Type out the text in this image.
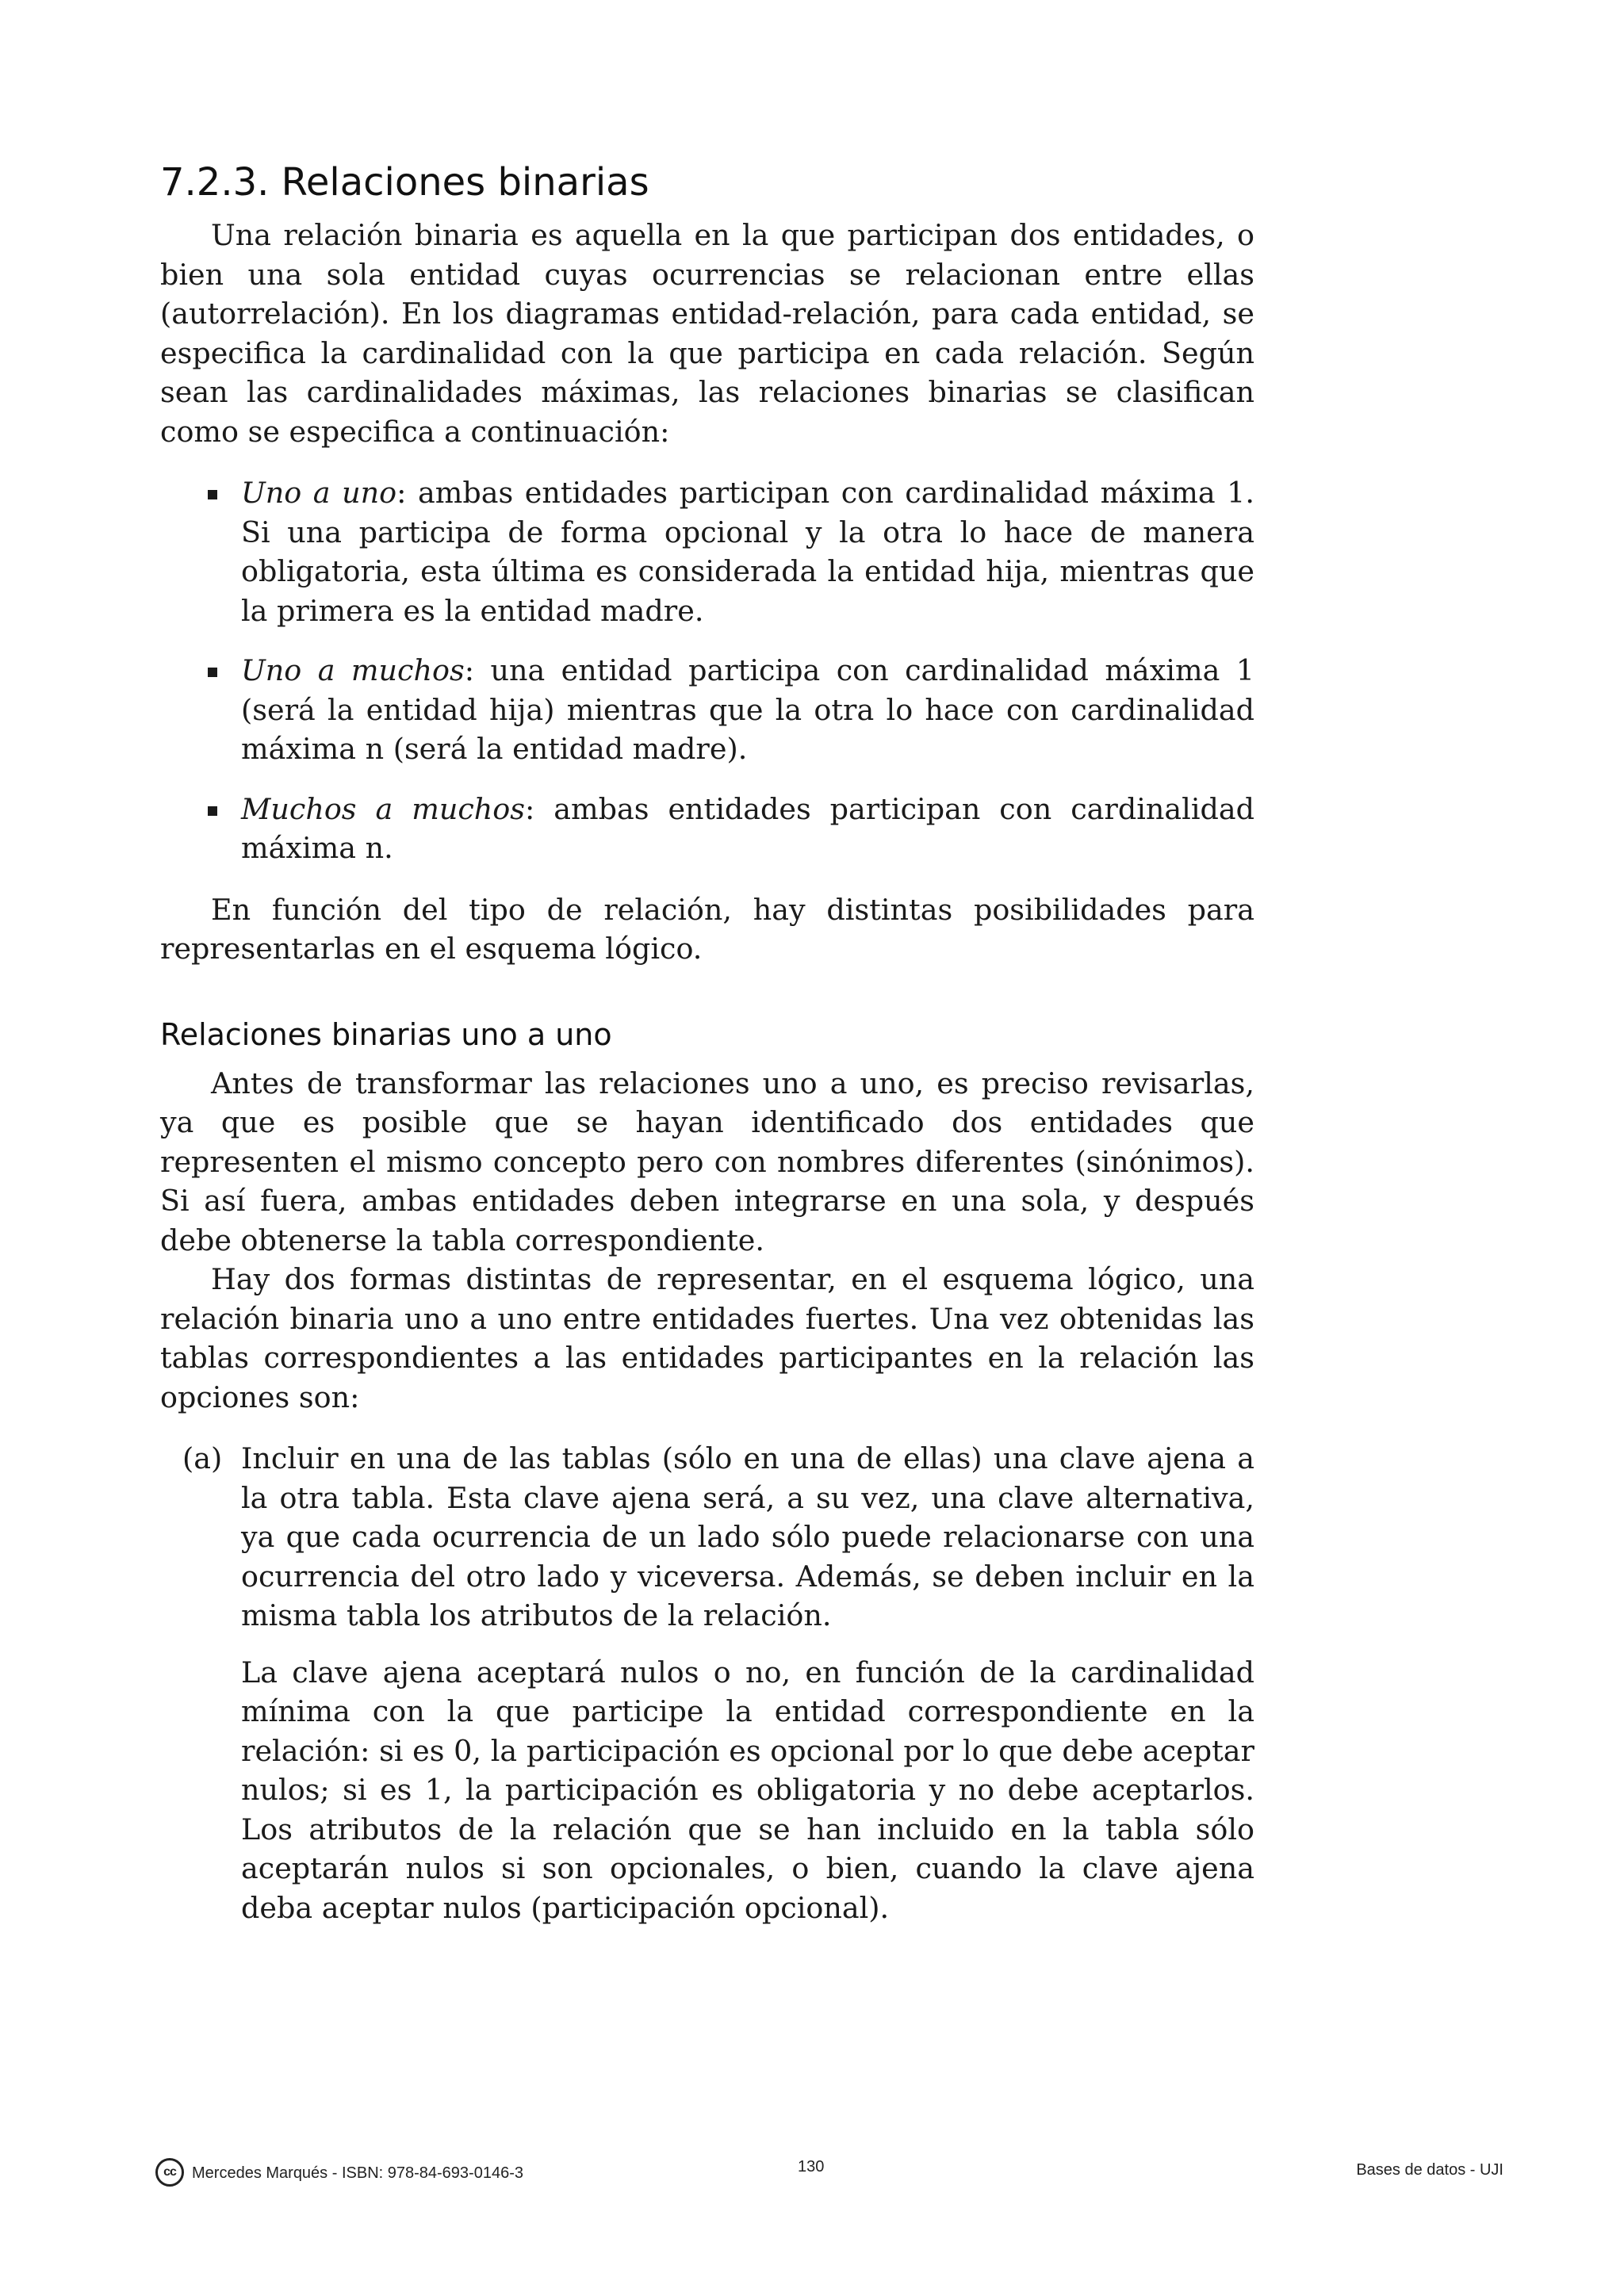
7.2.3. Relaciones binarias

Una relación binaria es aquella en la que participan dos entidades, o bien una sola entidad cuyas ocurrencias se relacionan entre ellas (autorrelación). En los diagramas entidad-relación, para cada entidad, se especifica la cardinalidad con la que participa en cada relación. Según sean las cardinalidades máximas, las relaciones binarias se clasifican como se especifica a continuación:

Uno a uno: ambas entidades participan con cardinalidad máxima 1. Si una participa de forma opcional y la otra lo hace de manera obligatoria, esta última es considerada la entidad hija, mientras que la primera es la entidad madre.
Uno a muchos: una entidad participa con cardinalidad máxima 1 (será la entidad hija) mientras que la otra lo hace con cardinalidad máxima n (será la entidad madre).
Muchos a muchos: ambas entidades participan con cardinalidad máxima n.

En función del tipo de relación, hay distintas posibilidades para representarlas en el esquema lógico.

Relaciones binarias uno a uno

Antes de transformar las relaciones uno a uno, es preciso revisarlas, ya que es posible que se hayan identificado dos entidades que representen el mismo concepto pero con nombres diferentes (sinónimos). Si así fuera, ambas entidades deben integrarse en una sola, y después debe obtenerse la tabla correspondiente.

Hay dos formas distintas de representar, en el esquema lógico, una relación binaria uno a uno entre entidades fuertes. Una vez obtenidas las tablas correspondientes a las entidades participantes en la relación las opciones son:

(a) Incluir en una de las tablas (sólo en una de ellas) una clave ajena a la otra tabla. Esta clave ajena será, a su vez, una clave alternativa, ya que cada ocurrencia de un lado sólo puede relacionarse con una ocurrencia del otro lado y viceversa. Además, se deben incluir en la misma tabla los atributos de la relación.

La clave ajena aceptará nulos o no, en función de la cardinalidad mínima con la que participe la entidad correspondiente en la relación: si es 0, la participación es opcional por lo que debe aceptar nulos; si es 1, la participación es obligatoria y no debe aceptarlos. Los atributos de la relación que se han incluido en la tabla sólo aceptarán nulos si son opcionales, o bien, cuando la clave ajena deba aceptar nulos (participación opcional).

cc	Mercedes Marqués - ISBN: 978-84-693-0146-3	130	Bases de datos - UJI
